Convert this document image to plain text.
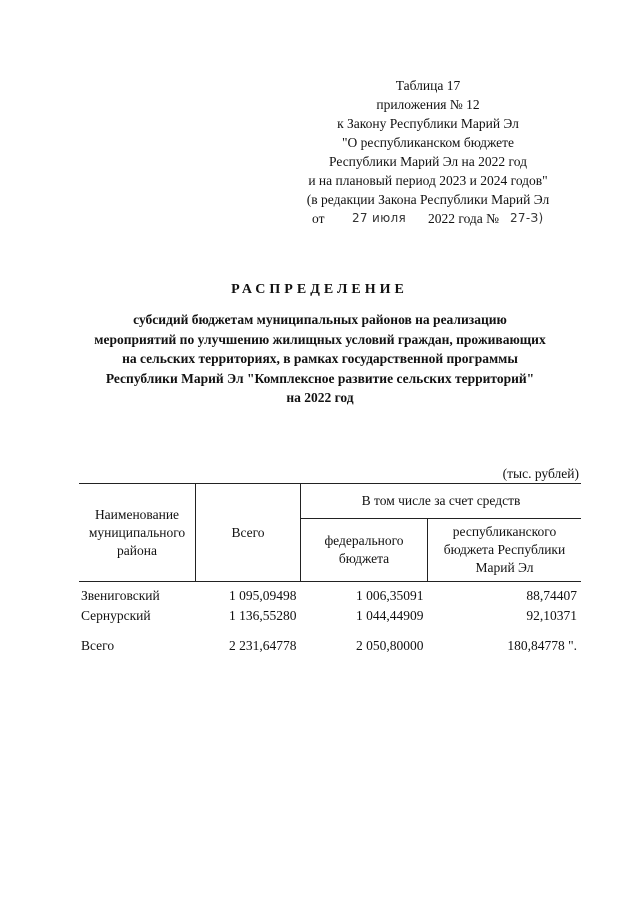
Таблица 17
приложения № 12
к Закону Республики Марий Эл
"О республиканском бюджете
Республики Марий Эл на 2022 год
и на плановый период 2023 и 2024 годов"
(в редакции Закона Республики Марий Эл
от 27 июля 2022 года № 27-З)
РАСПРЕДЕЛЕНИЕ
субсидий бюджетам муниципальных районов на реализацию
мероприятий по улучшению жилищных условий граждан, проживающих
на сельских территориях, в рамках государственной программы
Республики Марий Эл "Комплексное развитие сельских территорий"
на 2022 год
(тыс. рублей)
Наименование муниципального района	Всего	В том числе за счет средств	
		федерального бюджета	республиканского бюджета Республики Марий Эл
Звениговский	1 095,09498	1 006,35091	88,74407
Сернурский	1 136,55280	1 044,44909	92,10371
Всего	2 231,64778	2 050,80000	180,84778 ".
